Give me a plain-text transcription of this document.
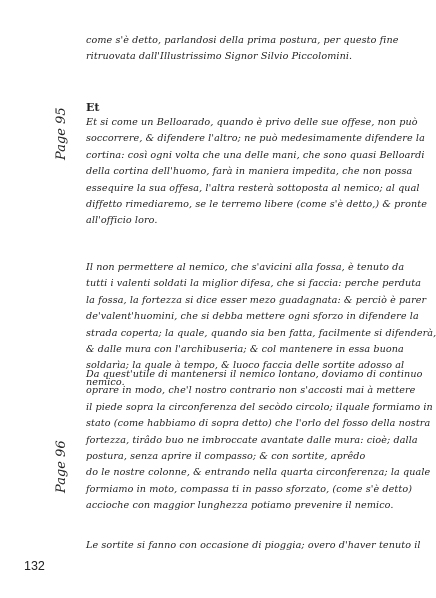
come s'è detto, parlandosi della prima postura, per questo fine
ritruovata dall'Illustrissimo Signor Silvio Piccolomini.
Et
Page 95 Et si come un Belloarado, quando è privo delle sue offese, non può
soccorrere, & difendere l'altro; ne può medesimamente difendere la
cortina: così ogni volta che una delle mani, che sono quasi Belloardi
della cortina dell'huomo, farà in maniera impedita, che non possa
essequire la sua offesa, l'altra resterà sottoposta al nemico; al qual
diffetto rimediaremo, se le terremo libere (come s'è detto,) & pronte
all'officio loro.
Il non permettere al nemico, che s'avicini alla fossa, è tenuto da
tutti i valenti soldati la miglior difesa, che si faccia: perche perduta
la fossa, la fortezza si dice esser mezo guadagnata: & perciò è parer
de'valent'huomini, che si debba mettere ogni sforzo in difendere la
strada coperta; la quale, quando sia ben fatta, facilmente si difenderà,
& dalle mura con l'archibuseria; & col mantenere in essa buona
soldarìa; la quale à tempo, & luoco faccia delle sortite adosso al
nemico.
Da quest'utile di mantenersi il nemico lontano, doviamo di continuo
oprare in modo, che'l nostro contrario non s'accosti mai à mettere
il piede sopra la circonferenza del secòdo circolo; ilquale formiamo in
stato (come habbiamo di sopra detto) che l'orlo del fosso della nostra
fortezza, tirâdo buo ne imbroccate avantate dalle mura: cioè; dalla
postura, senza aprire il compasso; & con sortite, aprêdo
do le nostre colonne, & entrando nella quarta circonferenza; la quale
formiamo in moto, compassa ti in passo sforzato, (come s'è detto)
accioche con maggior lunghezza potiamo prevenire il nemico.
Page 96
Le sortite si fanno con occasione di pioggia; overo d'haver tenuto il
132
